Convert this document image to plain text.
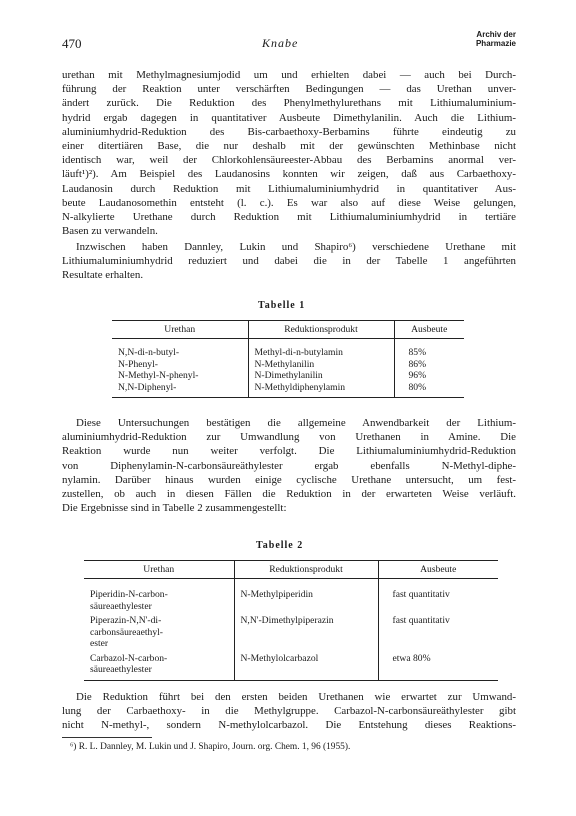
470	Knabe
Archiv der
Pharmazie
urethan mit Methylmagnesiumjodid um und erhielten dabei — auch bei Durch-
führung der Reaktion unter verschärften Bedingungen — das Urethan unver-
ändert zurück. Die Reduktion des Phenylmethylurethans mit Lithiumaluminium-
hydrid ergab dagegen in quantitativer Ausbeute Dimethylanilin. Auch die Lithium-
aluminiumhydrid-Reduktion des Bis-carbaethoxy-Berbamins führte eindeutig zu
einer ditertiären Base, die nur deshalb mit der gewünschten Methinbase nicht
identisch war, weil der Chlorkohlensäureester-Abbau des Berbamins anormal ver-
läuft¹)²). Am Beispiel des Laudanosins konnten wir zeigen, daß aus Carbaethoxy-
Laudanosin durch Reduktion mit Lithiumaluminiumhydrid in quantitativer Aus-
beute Laudanosomethin entsteht (l. c.). Es war also auf diese Weise gelungen,
N-alkylierte Urethane durch Reduktion mit Lithiumaluminiumhydrid in tertiäre
Basen zu verwandeln.
Inzwischen haben Dannley, Lukin und Shapiro⁶) verschiedene Urethane mit
Lithiumaluminiumhydrid reduziert und dabei die in der Tabelle 1 angeführten
Resultate erhalten.
Tabelle 1
Urethan	Reduktionsprodukt	Ausbeute
N,N-di-n-butyl-	Methyl-di-n-butylamin	85%
N-Phenyl-	N-Methylanilin	86%
N-Methyl-N-phenyl-	N-Dimethylanilin	96%
N,N-Diphenyl-	N-Methyldiphenylamin	80%
Diese Untersuchungen bestätigen die allgemeine Anwendbarkeit der Lithium-
aluminiumhydrid-Reduktion zur Umwandlung von Urethanen in Amine. Die
Reaktion wurde nun weiter verfolgt. Die Lithiumaluminiumhydrid-Reduktion
von Diphenylamin-N-carbonsäureäthylester ergab ebenfalls N-Methyl-diphe-
nylamin. Darüber hinaus wurden einige cyclische Urethane untersucht, um fest-
zustellen, ob auch in diesen Fällen die Reduktion in der erwarteten Weise verläuft.
Die Ergebnisse sind in Tabelle 2 zusammengestellt:
Tabelle 2
Urethan	Reduktionsprodukt	Ausbeute
Piperidin-N-carbon-
säureaethylester	N-Methylpiperidin	fast quantitativ
Piperazin-N,N'-di-
carbonsäureaethyl-
ester	N,N'-Dimethylpiperazin	fast quantitativ
Carbazol-N-carbon-
säureaethylester	N-Methylolcarbazol	etwa 80%
Die Reduktion führt bei den ersten beiden Urethanen wie erwartet zur Umwand-
lung der Carbaethoxy- in die Methylgruppe. Carbazol-N-carbonsäureäthylester gibt
nicht N-methyl-, sondern N-methylolcarbazol. Die Entstehung dieses Reaktions-
⁶) R. L. Dannley, M. Lukin und J. Shapiro, Journ. org. Chem. 1, 96 (1955).
